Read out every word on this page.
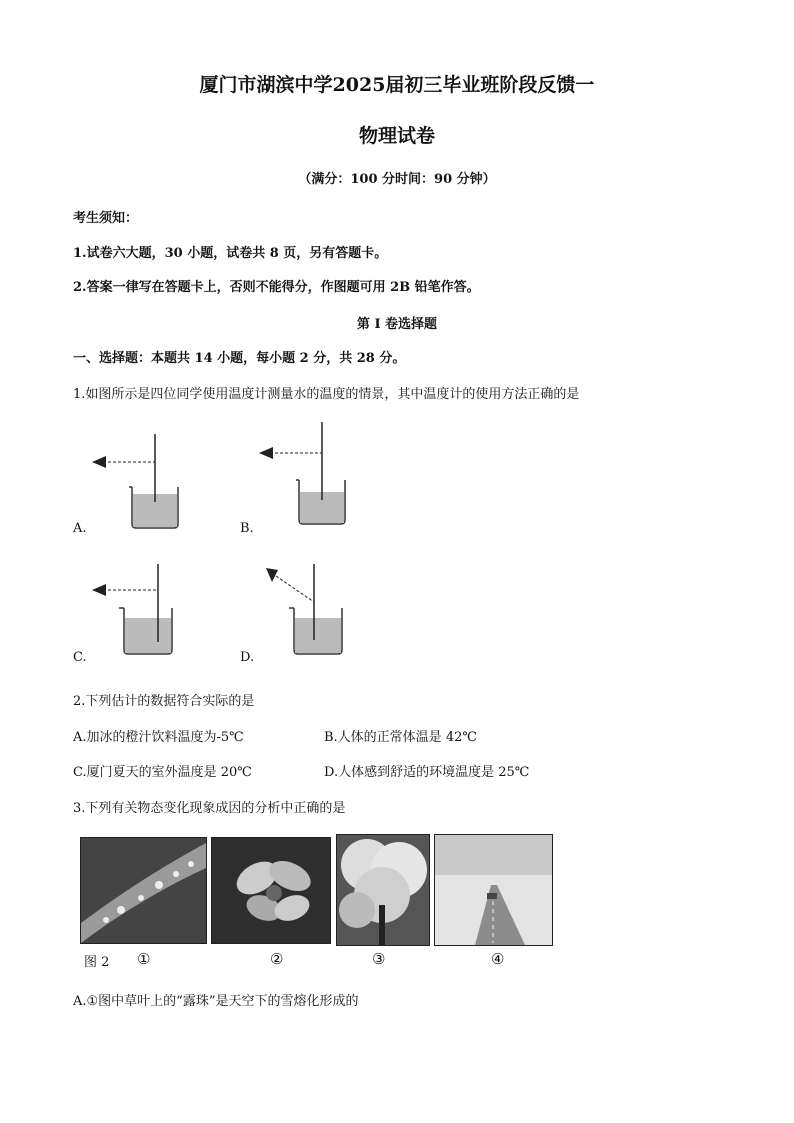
厦门市湖滨中学2025届初三毕业班阶段反馈一
物理试卷
（满分：100 分时间：90 分钟）
考生须知：
1.试卷六大题，30 小题，试卷共 8 页，另有答题卡。
2.答案一律写在答题卡上，否则不能得分，作图题可用 2B 铅笔作答。
第 I 卷选择题
一、选择题：本题共 14 小题，每小题 2 分，共 28 分。
1.如图所示是四位同学使用温度计测量水的温度的情景，其中温度计的使用方法正确的是
A.	B.
C.	D.
2.下列估计的数据符合实际的是
A.加冰的橙汁饮料温度为-5℃	B.人体的正常体温是 42℃
C.厦门夏天的室外温度是 20℃	D.人体感到舒适的环境温度是 25℃
3.下列有关物态变化现象成因的分析中正确的是
图 2 ①	②	③	④
A.①图中草叶上的“露珠”是天空下的雪熔化形成的
